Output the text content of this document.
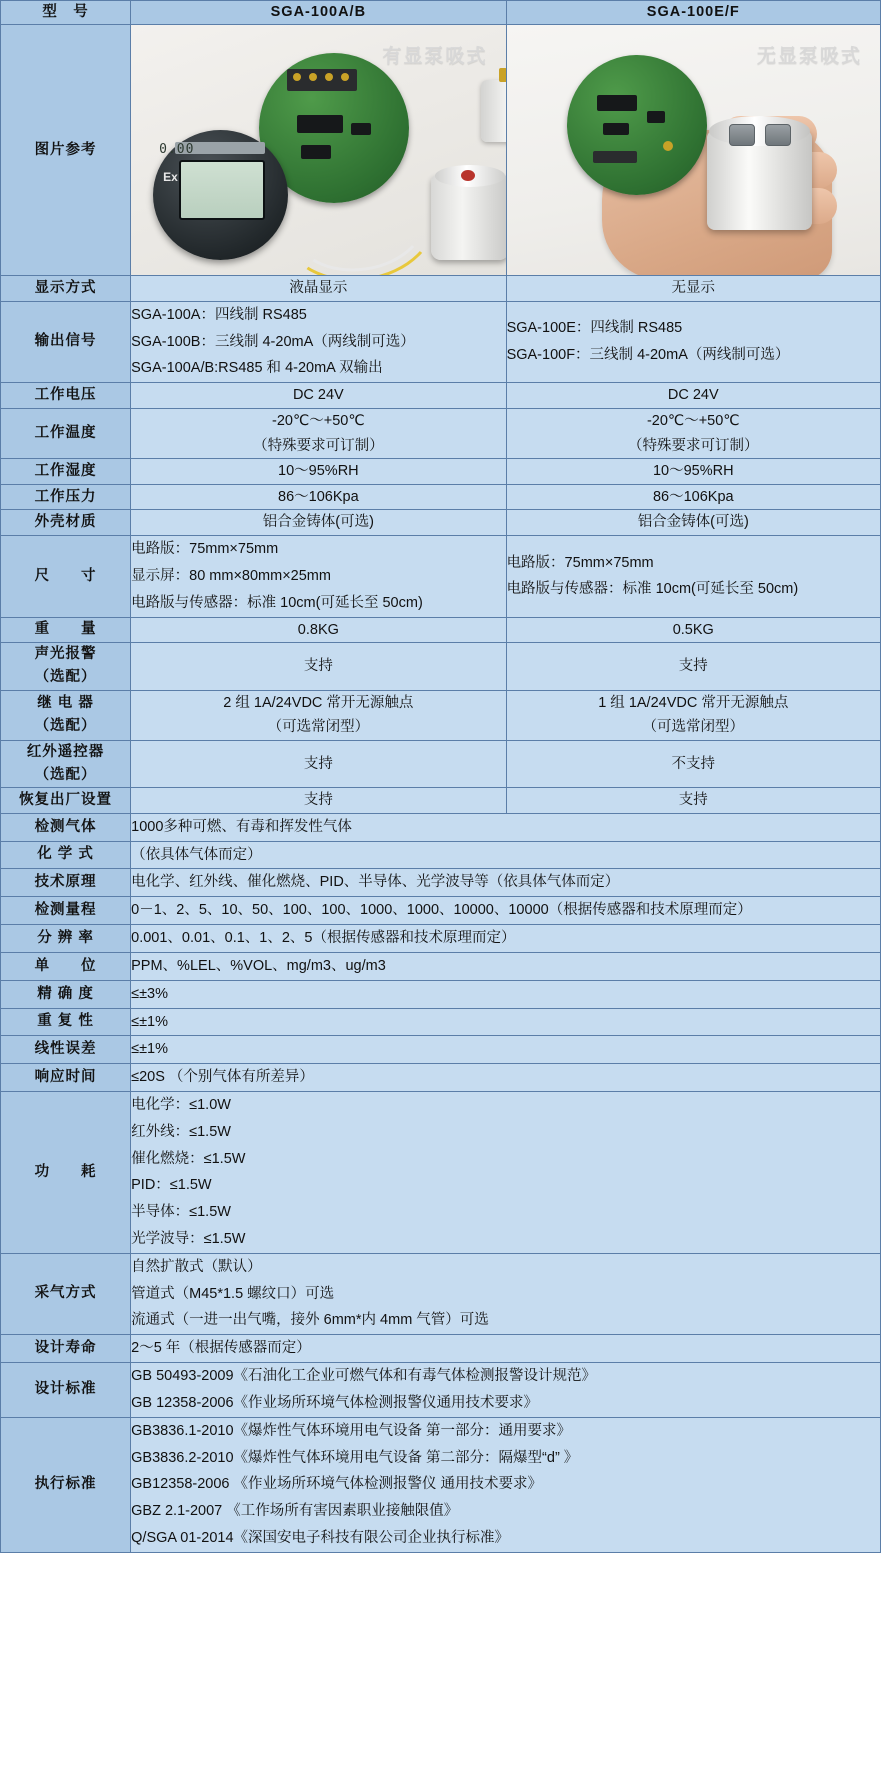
型　号	SGA-100A/B	SGA-100E/F
图片参考	0.00
Ex
有显泵吸式	无显泵吸式

显示方式	液晶显示	无显示
输出信号	
SGA-100A：四线制 RS485
SGA-100B：三线制 4-20mA（两线制可选）
SGA-100A/B:RS485 和 4-20mA 双输出

SGA-100E：四线制 RS485
SGA-100F：三线制 4-20mA（两线制可选）

工作电压	DC 24V	DC 24V
工作温度	
-20℃～+50℃
（特殊要求可订制）

-20℃～+50℃
（特殊要求可订制）

工作湿度	10～95%RH	10～95%RH
工作压力	86～106Kpa	86～106Kpa
外壳材质	铝合金铸体(可选)	铝合金铸体(可选)
尺　　寸	
电路版：75mm×75mm
显示屏：80 mm×80mm×25mm
电路版与传感器：标准 10cm(可延长至 50cm)

电路版：75mm×75mm
电路版与传感器：标准 10cm(可延长至 50cm)

重　　量	0.8KG	0.5KG

声光报警
（选配）	支持	支持

继 电 器
（选配）

2 组 1A/24VDC 常开无源触点
（可选常闭型）

1 组 1A/24VDC 常开无源触点
（可选常闭型）

红外遥控器
（选配）	支持	不支持
恢复出厂设置	支持	支持
检测气体	1000多种可燃、有毒和挥发性气体	
化 学 式	（依具体气体而定）	
技术原理	电化学、红外线、催化燃烧、PID、半导体、光学波导等（依具体气体而定）	
检测量程	0－1、2、5、10、50、100、100、1000、1000、10000、10000（根据传感器和技术原理而定）	
分 辨 率	0.001、0.01、0.1、1、2、5（根据传感器和技术原理而定）	
单　　位	PPM、%LEL、%VOL、mg/m3、ug/m3	
精 确 度	≤±3%	
重 复 性	≤±1%	
线性误差	≤±1%	
响应时间	≤20S （个别气体有所差异）	
功　　耗	
电化学：≤1.0W
红外线：≤1.5W
催化燃烧：≤1.5W
PID：≤1.5W
半导体：≤1.5W
光学波导：≤1.5W

采气方式	自然扩散式（默认）
管道式（M45*1.5 螺纹口）可选
流通式（一进一出气嘴，接外 6mm*内 4mm 气管）可选	

设计寿命	2～5 年（根据传感器而定）	
设计标准	GB 50493-2009《石油化工企业可燃气体和有毒气体检测报警设计规范》
GB 12358-2006《作业场所环境气体检测报警仪通用技术要求》	

执行标准	GB3836.1-2010《爆炸性气体环境用电气设备 第一部分：通用要求》
GB3836.2-2010《爆炸性气体环境用电气设备 第二部分：隔爆型“d” 》
GB12358-2006 《作业场所环境气体检测报警仪 通用技术要求》
GBZ 2.1-2007 《工作场所有害因素职业接触限值》
Q/SGA 01-2014《深国安电子科技有限公司企业执行标准》	
